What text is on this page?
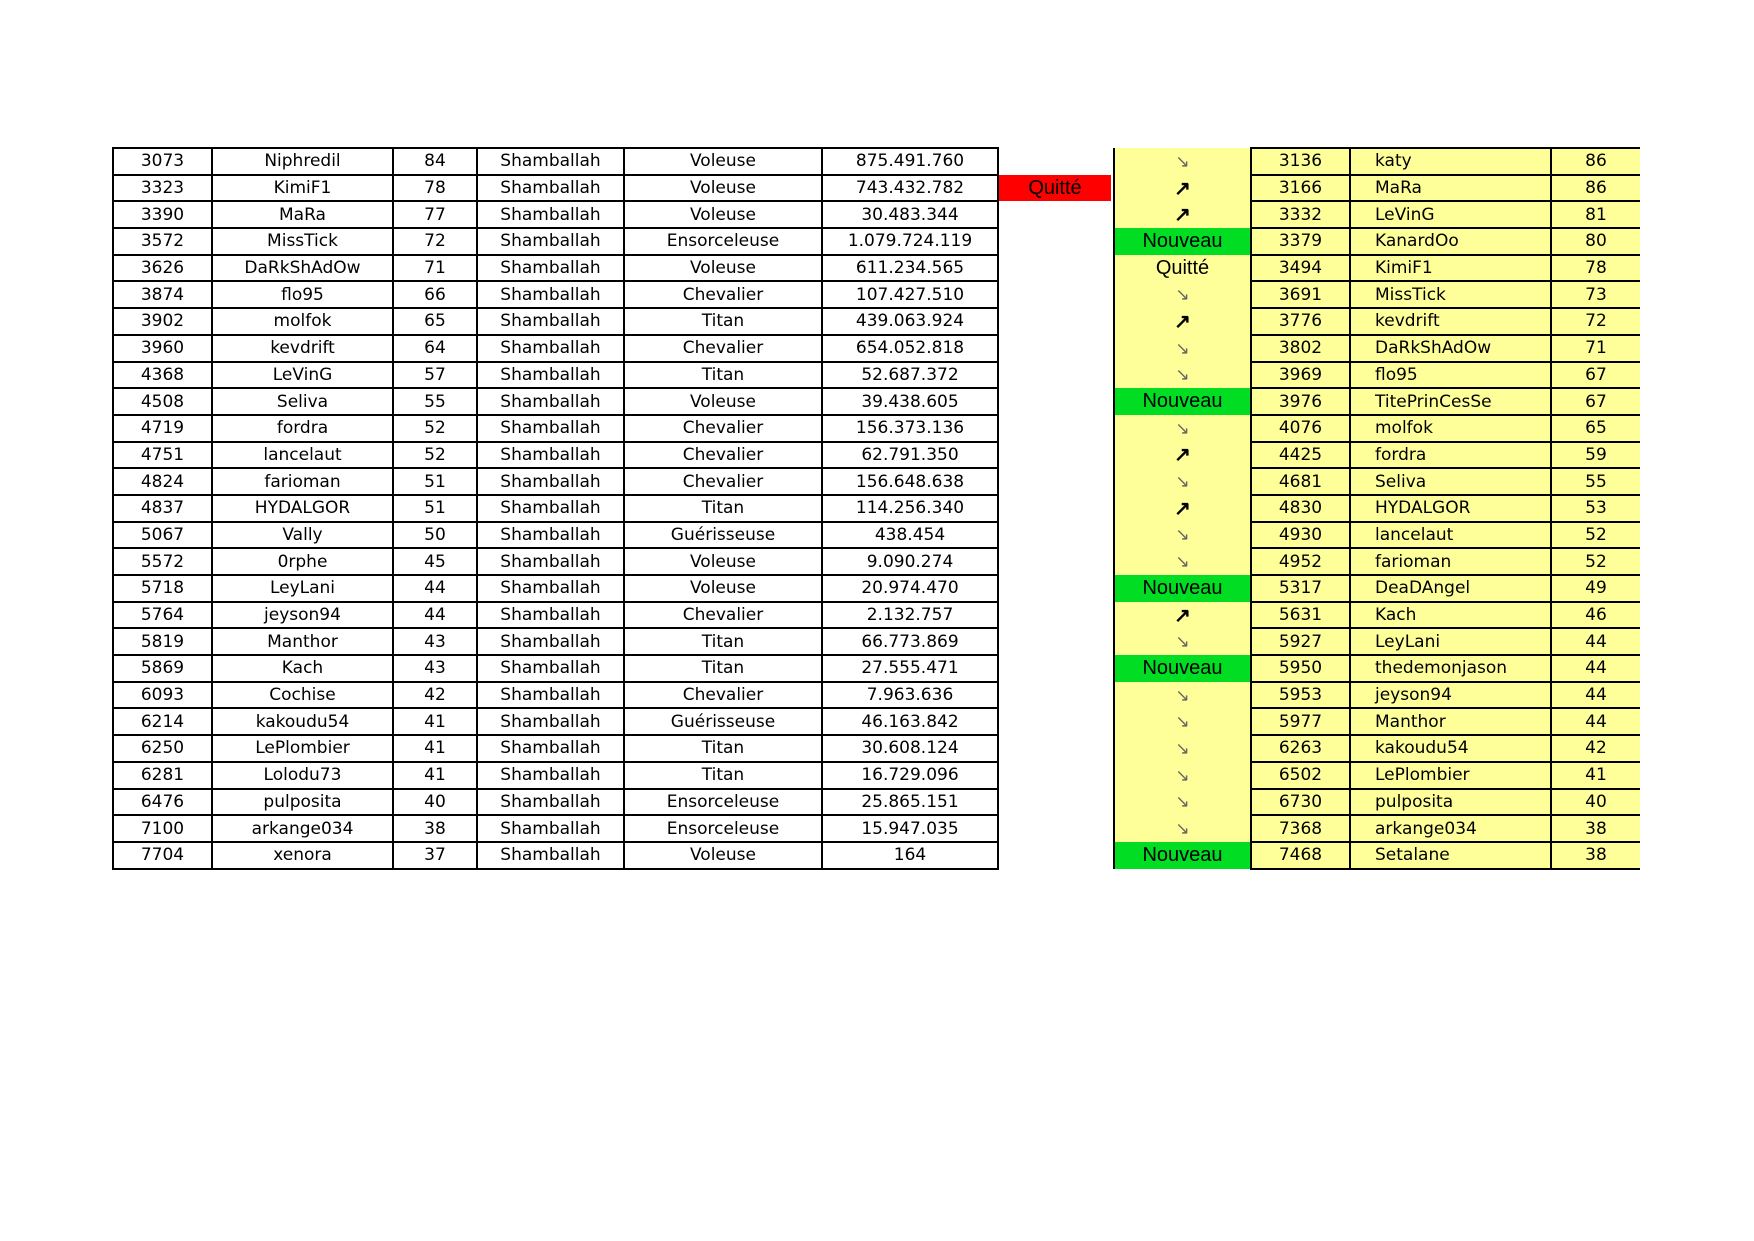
3073	Niphredil	84	Shamballah	Voleuse	875.491.760	
3323	KimiF1	78	Shamballah	Voleuse	743.432.782	Quitté
3390	MaRa	77	Shamballah	Voleuse	30.483.344	
3572	MissTick	72	Shamballah	Ensorceleuse	1.079.724.119	
3626	DaRkShAdOw	71	Shamballah	Voleuse	611.234.565	
3874	flo95	66	Shamballah	Chevalier	107.427.510	
3902	molfok	65	Shamballah	Titan	439.063.924	
3960	kevdrift	64	Shamballah	Chevalier	654.052.818	
4368	LeVinG	57	Shamballah	Titan	52.687.372	
4508	Seliva	55	Shamballah	Voleuse	39.438.605	
4719	fordra	52	Shamballah	Chevalier	156.373.136	
4751	lancelaut	52	Shamballah	Chevalier	62.791.350	
4824	farioman	51	Shamballah	Chevalier	156.648.638	
4837	HYDALGOR	51	Shamballah	Titan	114.256.340	
5067	Vally	50	Shamballah	Guérisseuse	438.454	
5572	0rphe	45	Shamballah	Voleuse	9.090.274	
5718	LeyLani	44	Shamballah	Voleuse	20.974.470	
5764	jeyson94	44	Shamballah	Chevalier	2.132.757	
5819	Manthor	43	Shamballah	Titan	66.773.869	
5869	Kach	43	Shamballah	Titan	27.555.471	
6093	Cochise	42	Shamballah	Chevalier	7.963.636	
6214	kakoudu54	41	Shamballah	Guérisseuse	46.163.842	
6250	LePlombier	41	Shamballah	Titan	30.608.124	
6281	Lolodu73	41	Shamballah	Titan	16.729.096	
6476	pulposita	40	Shamballah	Ensorceleuse	25.865.151	
7100	arkange034	38	Shamballah	Ensorceleuse	15.947.035	
7704	xenora	37	Shamballah	Voleuse	164	
↘	3136	katy	86
↗	3166	MaRa	86
↗	3332	LeVinG	81
Nouveau	3379	KanardOo	80
Quitté	3494	KimiF1	78
↘	3691	MissTick	73
↗	3776	kevdrift	72
↘	3802	DaRkShAdOw	71
↘	3969	flo95	67
Nouveau	3976	TitePrinCesSe	67
↘	4076	molfok	65
↗	4425	fordra	59
↘	4681	Seliva	55
↗	4830	HYDALGOR	53
↘	4930	lancelaut	52
↘	4952	farioman	52
Nouveau	5317	DeaDAngel	49
↗	5631	Kach	46
↘	5927	LeyLani	44
Nouveau	5950	thedemonjason	44
↘	5953	jeyson94	44
↘	5977	Manthor	44
↘	6263	kakoudu54	42
↘	6502	LePlombier	41
↘	6730	pulposita	40
↘	7368	arkange034	38
Nouveau	7468	Setalane	38
